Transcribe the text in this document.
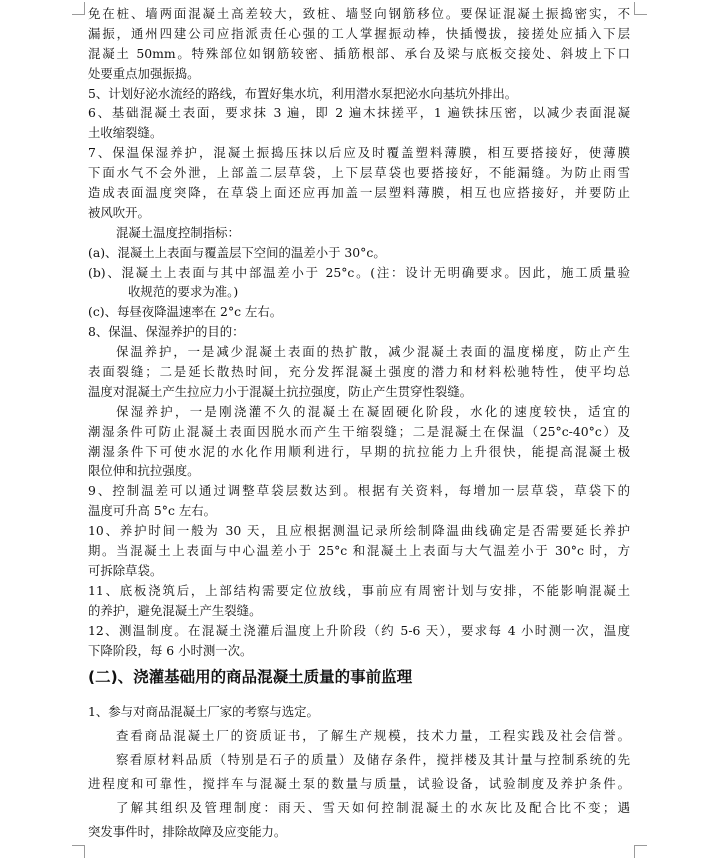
免在桩、墙两面混凝土高差较大，致桩、墙竖向钢筋移位。要保证混凝土振捣密实，不
漏振，通州四建公司应指派责任心强的工人掌握振动棒，快插慢拔，接搓处应插入下层
混凝土 50mm。特殊部位如钢筋较密、插筋根部、承台及梁与底板交接处、斜坡上下口
处要重点加强振捣。
5、计划好泌水流经的路线，布置好集水坑，利用潜水泵把泌水向基坑外排出。
6、基础混凝土表面，要求抹 3 遍，即 2 遍木抹搓平，1 遍铁抹压密，以减少表面混凝
土收缩裂缝。
7、保温保湿养护，混凝土振捣压抹以后应及时覆盖塑料薄膜，相互要搭接好，使薄膜
下面水气不会外泄，上部盖二层草袋，上下层草袋也要搭接好，不能漏缝。为防止雨雪
造成表面温度突降，在草袋上面还应再加盖一层塑料薄膜，相互也应搭接好，并要防止
被风吹开。
混凝土温度控制指标：
(a)、混凝土上表面与覆盖层下空间的温差小于 30°c。
(b)、混凝土上表面与其中部温差小于 25°c。(注：设计无明确要求。因此，施工质量验
收规范的要求为准。)
(c)、每昼夜降温速率在 2°c 左右。
8、保温、保湿养护的目的：
保温养护，一是减少混凝土表面的热扩散，减少混凝土表面的温度梯度，防止产生
表面裂缝；二是延长散热时间，充分发挥混凝土强度的潜力和材料松驰特性，使平均总
温度对混凝土产生拉应力小于混凝土抗拉强度，防止产生贯穿性裂缝。
保湿养护，一是刚浇灌不久的混凝土在凝固硬化阶段，水化的速度较快，适宜的
潮湿条件可防止混凝土表面因脱水而产生干缩裂缝；二是混凝土在保温（25°c-40°c）及
潮湿条件下可使水泥的水化作用顺利进行，早期的抗拉能力上升很快，能提高混凝土极
限位伸和抗拉强度。
9、控制温差可以通过调整草袋层数达到。根据有关资料，每增加一层草袋，草袋下的
温度可升高 5°c 左右。
10、养护时间一般为 30 天，且应根据测温记录所绘制降温曲线确定是否需要延长养护
期。当混凝土上表面与中心温差小于 25°c 和混凝土上表面与大气温差小于 30°c 时，方
可拆除草袋。
11、底板浇筑后，上部结构需要定位放线，事前应有周密计划与安排，不能影响混凝土
的养护，避免混凝土产生裂缝。
12、测温制度。在混凝土浇灌后温度上升阶段（约 5-6 天），要求每 4 小时测一次，温度
下降阶段，每 6 小时测一次。
(二)、浇灌基础用的商品混凝土质量的事前监理
1、参与对商品混凝土厂家的考察与选定。
查看商品混凝土厂的资质证书，了解生产规模，技术力量，工程实践及社会信誉。
察看原材料品质（特别是石子的质量）及储存条件，搅拌楼及其计量与控制系统的先
进程度和可靠性，搅拌车与混凝土泵的数量与质量，试验设备，试验制度及养护条件。
了解其组织及管理制度：雨天、雪天如何控制混凝土的水灰比及配合比不变；遇
突发事件时，排除故障及应变能力。
